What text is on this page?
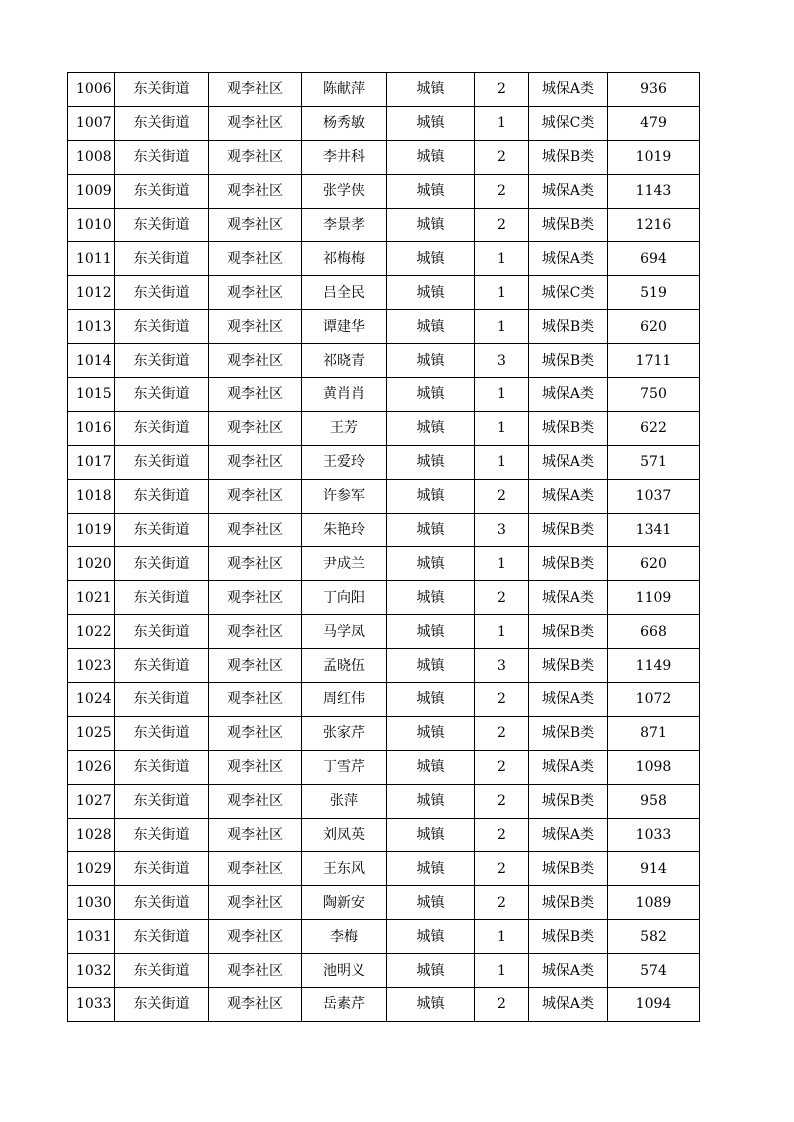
1006	东关街道	观李社区	陈献萍	城镇	2	城保A类	936
1007	东关街道	观李社区	杨秀敏	城镇	1	城保C类	479
1008	东关街道	观李社区	李井科	城镇	2	城保B类	1019
1009	东关街道	观李社区	张学侠	城镇	2	城保A类	1143
1010	东关街道	观李社区	李景孝	城镇	2	城保B类	1216
1011	东关街道	观李社区	祁梅梅	城镇	1	城保A类	694
1012	东关街道	观李社区	吕全民	城镇	1	城保C类	519
1013	东关街道	观李社区	谭建华	城镇	1	城保B类	620
1014	东关街道	观李社区	祁晓青	城镇	3	城保B类	1711
1015	东关街道	观李社区	黄肖肖	城镇	1	城保A类	750
1016	东关街道	观李社区	王芳	城镇	1	城保B类	622
1017	东关街道	观李社区	王爱玲	城镇	1	城保A类	571
1018	东关街道	观李社区	许参军	城镇	2	城保A类	1037
1019	东关街道	观李社区	朱艳玲	城镇	3	城保B类	1341
1020	东关街道	观李社区	尹成兰	城镇	1	城保B类	620
1021	东关街道	观李社区	丁向阳	城镇	2	城保A类	1109
1022	东关街道	观李社区	马学凤	城镇	1	城保B类	668
1023	东关街道	观李社区	孟晓伍	城镇	3	城保B类	1149
1024	东关街道	观李社区	周红伟	城镇	2	城保A类	1072
1025	东关街道	观李社区	张家芹	城镇	2	城保B类	871
1026	东关街道	观李社区	丁雪芹	城镇	2	城保A类	1098
1027	东关街道	观李社区	张萍	城镇	2	城保B类	958
1028	东关街道	观李社区	刘凤英	城镇	2	城保A类	1033
1029	东关街道	观李社区	王东风	城镇	2	城保B类	914
1030	东关街道	观李社区	陶新安	城镇	2	城保B类	1089
1031	东关街道	观李社区	李梅	城镇	1	城保B类	582
1032	东关街道	观李社区	池明义	城镇	1	城保A类	574
1033	东关街道	观李社区	岳素芹	城镇	2	城保A类	1094
